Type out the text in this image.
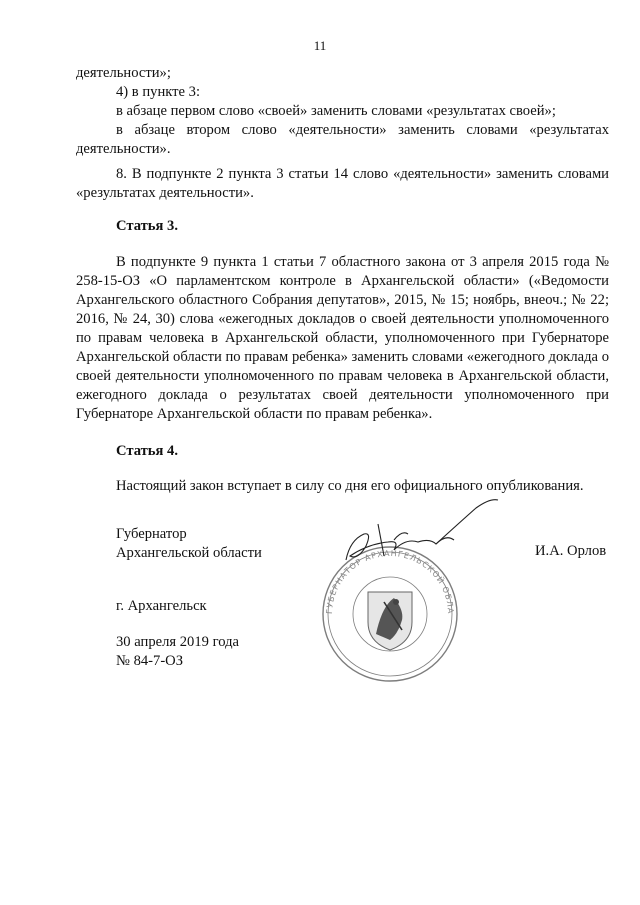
11

деятельности»;

4) в пункте 3:

в абзаце первом слово «своей» заменить словами «результатах своей»;

в абзаце втором слово «деятельности» заменить словами «результатах деятельности».

8. В подпункте 2 пункта 3 статьи 14 слово «деятельности» заменить словами «результатах деятельности».

Статья 3.

В подпункте 9 пункта 1 статьи 7 областного закона от 3 апреля 2015 года № 258-15-ОЗ «О парламентском контроле в Архангельской области» («Ведомости Архангельского областного Собрания депутатов», 2015, № 15; ноябрь, внеоч.; № 22; 2016, № 24, 30) слова «ежегодных докладов о своей деятельности уполномоченного по правам человека в Архангельской области, уполномоченного при Губернаторе Архангельской области по правам ребенка» заменить словами «ежегодного доклада о своей деятельности уполномоченного по правам человека в Архангельской области, ежегодного доклада о результатах своей деятельности уполномоченного при Губернаторе Архангельской области по правам ребенка».

Статья 4.

Настоящий закон вступает в силу со дня его официального опубликования.

ГУБЕРНАТОР АРХАНГЕЛЬСКОЙ ОБЛА
Губернатор
Архангельской области	И.А. Орлов
г. Архангельск
30 апреля 2019 года
№ 84-7-ОЗ
